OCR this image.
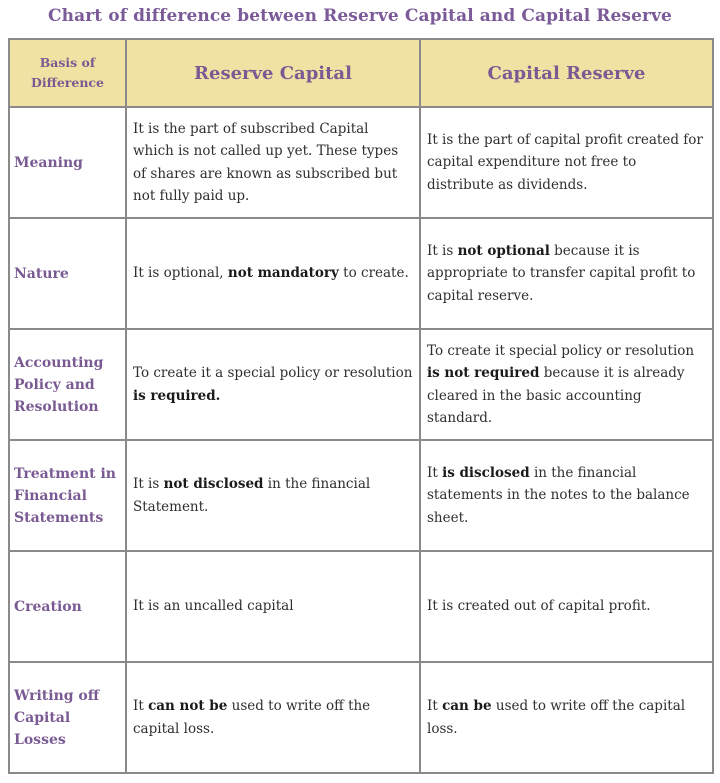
Chart of difference between Reserve Capital and Capital Reserve
Basis of Difference	Reserve Capital	Capital Reserve
Meaning	It is the part of subscribed Capital which is not called up yet. These types of shares are known as subscribed but not fully paid up.	It is the part of capital profit created for capital expenditure not free to distribute as dividends.
Nature	It is optional, not mandatory to create.	It is not optional because it is appropriate to transfer capital profit to capital reserve.
Accounting Policy and Resolution	To create it a special policy or resolution is required.	To create it special policy or resolution is not required because it is already cleared in the basic accounting standard.
Treatment in Financial Statements	It is not disclosed in the financial Statement.	It is disclosed in the financial statements in the notes to the balance sheet.
Creation	It is an uncalled capital	It is created out of capital profit.
Writing off Capital Losses	It can not be used to write off the capital loss.	It can be used to write off the capital loss.
